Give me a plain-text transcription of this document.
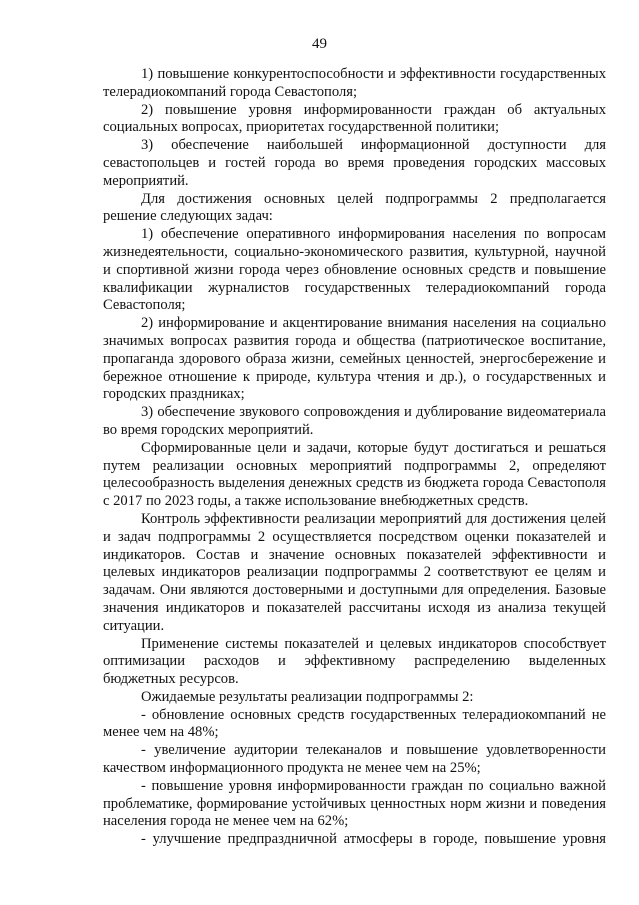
49

1) повышение конкурентоспособности и эффективности государственных телерадиокомпаний города Севастополя;

2) повышение уровня информированности граждан об актуальных социальных вопросах, приоритетах государственной политики;

3) обеспечение наибольшей информационной доступности для севастопольцев и гостей города во время проведения городских массовых мероприятий.

Для достижения основных целей подпрограммы 2 предполагается решение следующих задач:

1) обеспечение оперативного информирования населения по вопросам жизнедеятельности, социально-экономического развития, культурной, научной и спортивной жизни города через обновление основных средств и повышение квалификации журналистов государственных телерадиокомпаний города Севастополя;

2) информирование и акцентирование внимания населения на социально значимых вопросах развития города и общества (патриотическое воспитание, пропаганда здорового образа жизни, семейных ценностей, энергосбережение и бережное отношение к природе, культура чтения и др.), о государственных и городских праздниках;

3) обеспечение звукового сопровождения и дублирование видеоматериала во время городских мероприятий.

Сформированные цели и задачи, которые будут достигаться и решаться путем реализации основных мероприятий подпрограммы 2, определяют целесообразность выделения денежных средств из бюджета города Севастополя с 2017 по 2023 годы, а также использование внебюджетных средств.

Контроль эффективности реализации мероприятий для достижения целей и задач подпрограммы 2 осуществляется посредством оценки показателей и индикаторов. Состав и значение основных показателей эффективности и целевых индикаторов реализации подпрограммы 2 соответствуют ее целям и задачам. Они являются достоверными и доступными для определения. Базовые значения индикаторов и показателей рассчитаны исходя из анализа текущей ситуации.

Применение системы показателей и целевых индикаторов способствует оптимизации расходов и эффективному распределению выделенных бюджетных ресурсов.

Ожидаемые результаты реализации подпрограммы 2:

- обновление основных средств государственных телерадиокомпаний не менее чем на 48%;

- увеличение аудитории телеканалов и повышение удовлетворенности качеством информационного продукта не менее чем на 25%;

- повышение уровня информированности граждан по социально важной проблематике, формирование устойчивых ценностных норм жизни и поведения населения города не менее чем на 62%;

- улучшение предпраздничной атмосферы в городе, повышение уровня
